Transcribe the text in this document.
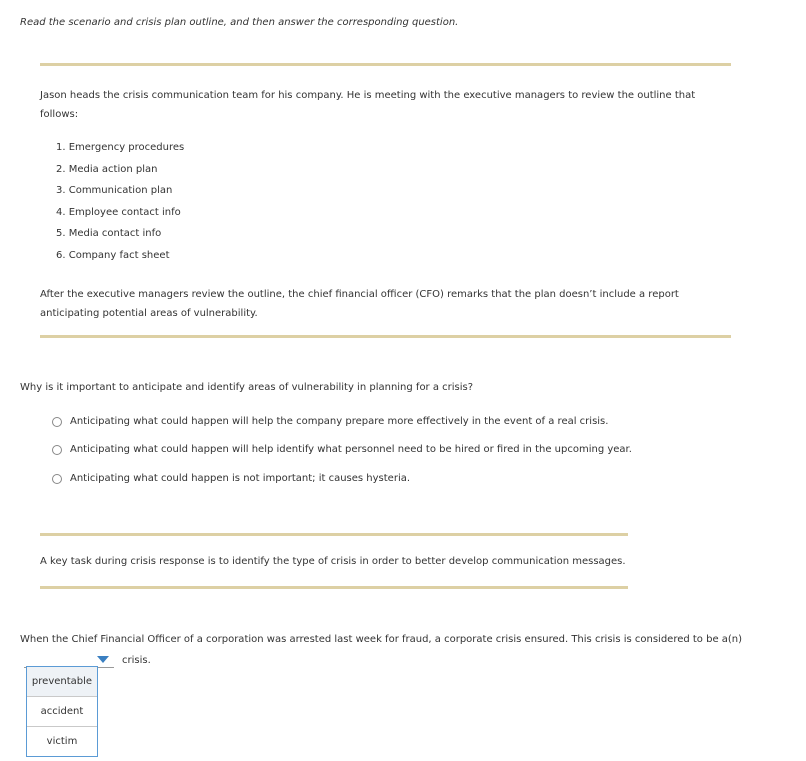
Read the scenario and crisis plan outline, and then answer the corresponding question.
Jason heads the crisis communication team for his company. He is meeting with the executive managers to review the outline that follows:
1. Emergency procedures
2. Media action plan
3. Communication plan
4. Employee contact info
5. Media contact info
6. Company fact sheet
After the executive managers review the outline, the chief financial officer (CFO) remarks that the plan doesn’t include a report anticipating potential areas of vulnerability.
Why is it important to anticipate and identify areas of vulnerability in planning for a crisis?
Anticipating what could happen will help the company prepare more effectively in the event of a real crisis.
Anticipating what could happen will help identify what personnel need to be hired or fired in the upcoming year.
Anticipating what could happen is not important; it causes hysteria.
A key task during crisis response is to identify the type of crisis in order to better develop communication messages.
When the Chief Financial Officer of a corporation was arrested last week for fraud, a corporate crisis ensured. This crisis is considered to be a(n)
crisis.
preventable
accident
victim
